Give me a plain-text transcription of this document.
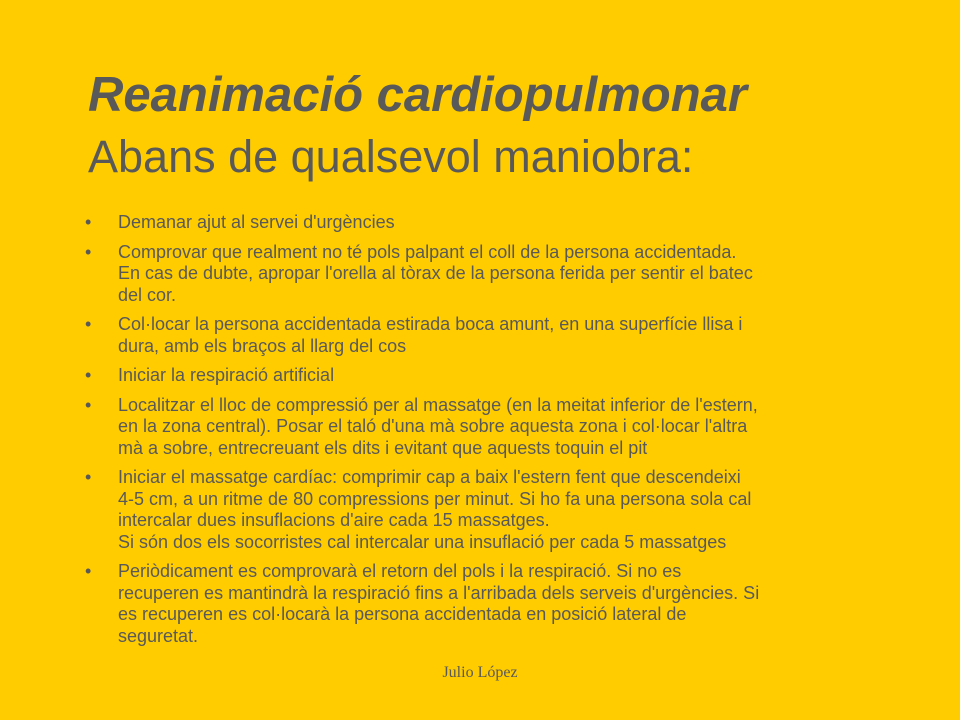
Reanimació cardiopulmonar
Abans de qualsevol maniobra:
• Demanar ajut al servei d'urgències
• Comprovar que realment no té pols palpant el coll de la persona accidentada.
En cas de dubte, apropar l'orella al tòrax de la persona ferida per sentir el batec
del cor.
• Col·locar la persona accidentada estirada boca amunt, en una superfície llisa i
dura, amb els braços al llarg del cos
• Iniciar la respiració artificial
• Localitzar el lloc de compressió per al massatge (en la meitat inferior de l'estern,
en la zona central). Posar el taló d'una mà sobre aquesta zona i col·locar l'altra
mà a sobre, entrecreuant els dits i evitant que aquests toquin el pit
• Iniciar el massatge cardíac: comprimir cap a baix l'estern fent que descendeixi
4-5 cm, a un ritme de 80 compressions per minut. Si ho fa una persona sola cal
intercalar dues insuflacions d'aire cada 15 massatges.
Si són dos els socorristes cal intercalar una insuflació per cada 5 massatges
• Periòdicament es comprovarà el retorn del pols i la respiració. Si no es
recuperen es mantindrà la respiració fins a l'arribada dels serveis d'urgències. Si
es recuperen es col·locarà la persona accidentada en posició lateral de
seguretat.
Julio López
